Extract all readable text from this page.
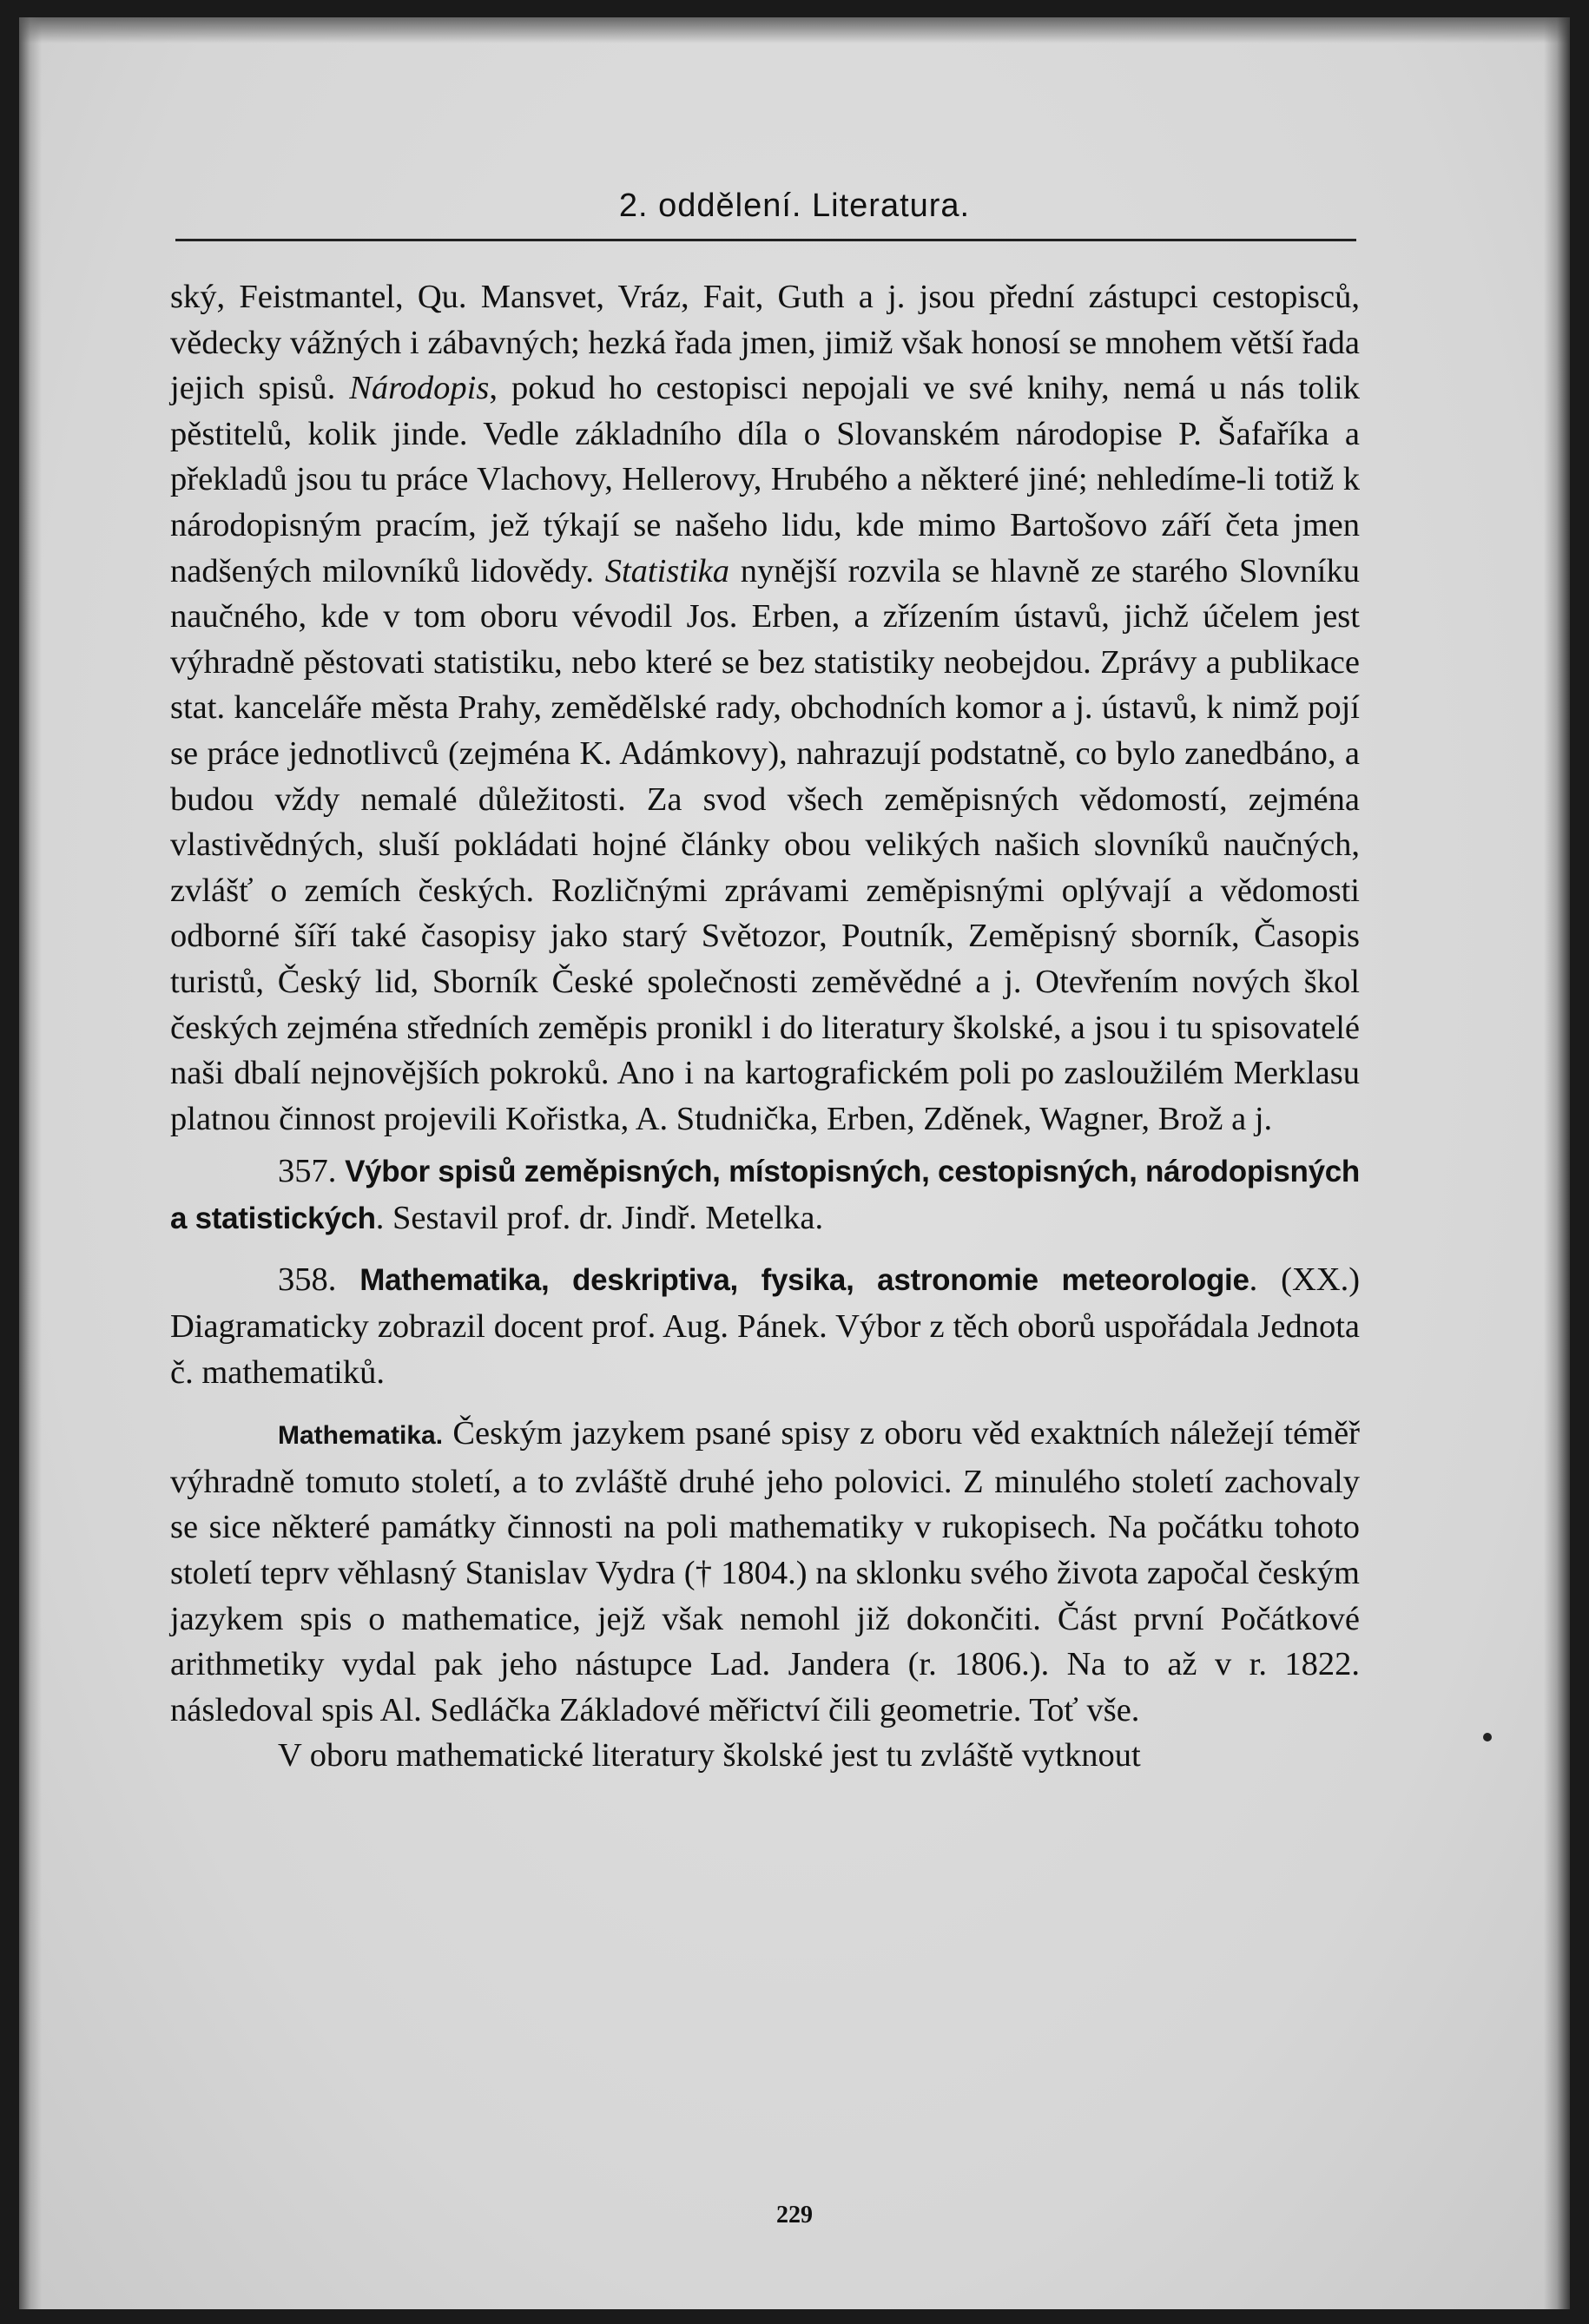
2. oddělení. Literatura.

ský, Feistmantel, Qu. Mansvet, Vráz, Fait, Guth a j. jsou přední zástupci cestopisců, vědecky vážných i zábavných; hezká řada jmen, jimiž však honosí se mnohem větší řada jejich spisů. Národopis, pokud ho cestopisci nepojali ve své knihy, nemá u nás tolik pěstitelů, kolik jinde. Vedle základního díla o Slovanském národopise P. Šafaříka a překladů jsou tu práce Vlachovy, Hellerovy, Hrubého a některé jiné; nehledíme-li totiž k národopisným pracím, jež týkají se našeho lidu, kde mimo Bartošovo září četa jmen nadšených milovníků lidovědy. Statistika nynější rozvila se hlavně ze starého Slovníku naučného, kde v tom oboru vévodil Jos. Erben, a zřízením ústavů, jichž účelem jest výhradně pěstovati statistiku, nebo které se bez statistiky neobejdou. Zprávy a publikace stat. kanceláře města Prahy, zemědělské rady, obchodních komor a j. ústavů, k nimž pojí se práce jednotlivců (zejména K. Adámkovy), nahrazují podstatně, co bylo zanedbáno, a budou vždy nemalé důležitosti. Za svod všech zeměpisných vědomostí, zejména vlastivědných, sluší pokládati hojné články obou velikých našich slovníků naučných, zvlášť o zemích českých. Rozličnými zprávami zeměpisnými oplývají a vědomosti odborné šíří také časopisy jako starý Světozor, Poutník, Zeměpisný sborník, Časopis turistů, Český lid, Sborník České společnosti zeměvědné a j. Otevřením nových škol českých zejména středních zeměpis pronikl i do literatury školské, a jsou i tu spisovatelé naši dbalí nejnovějších pokroků. Ano i na kartografickém poli po zasloužilém Merklasu platnou činnost projevili Kořistka, A. Studnička, Erben, Zděnek, Wagner, Brož a j.

357. Výbor spisů zeměpisných, místopisných, cestopisných, národopisných a statistických. Sestavil prof. dr. Jindř. Metelka.

358. Mathematika, deskriptiva, fysika, astronomie meteorologie. (XX.) Diagramaticky zobrazil docent prof. Aug. Pánek. Výbor z těch oborů uspořádala Jednota č. mathematiků.

Mathematika. Českým jazykem psané spisy z oboru věd exaktních náležejí téměř výhradně tomuto století, a to zvláště druhé jeho polovici. Z minulého století zachovaly se sice některé památky činnosti na poli mathematiky v rukopisech. Na počátku tohoto století teprv věhlasný Stanislav Vydra († 1804.) na sklonku svého života započal českým jazykem spis o mathematice, jejž však nemohl již dokončiti. Část první Počátkové arithmetiky vydal pak jeho nástupce Lad. Jandera (r. 1806.). Na to až v r. 1822. následoval spis Al. Sedláčka Základové měřictví čili geometrie. Toť vše.

V oboru mathematické literatury školské jest tu zvláště vytknout

229
